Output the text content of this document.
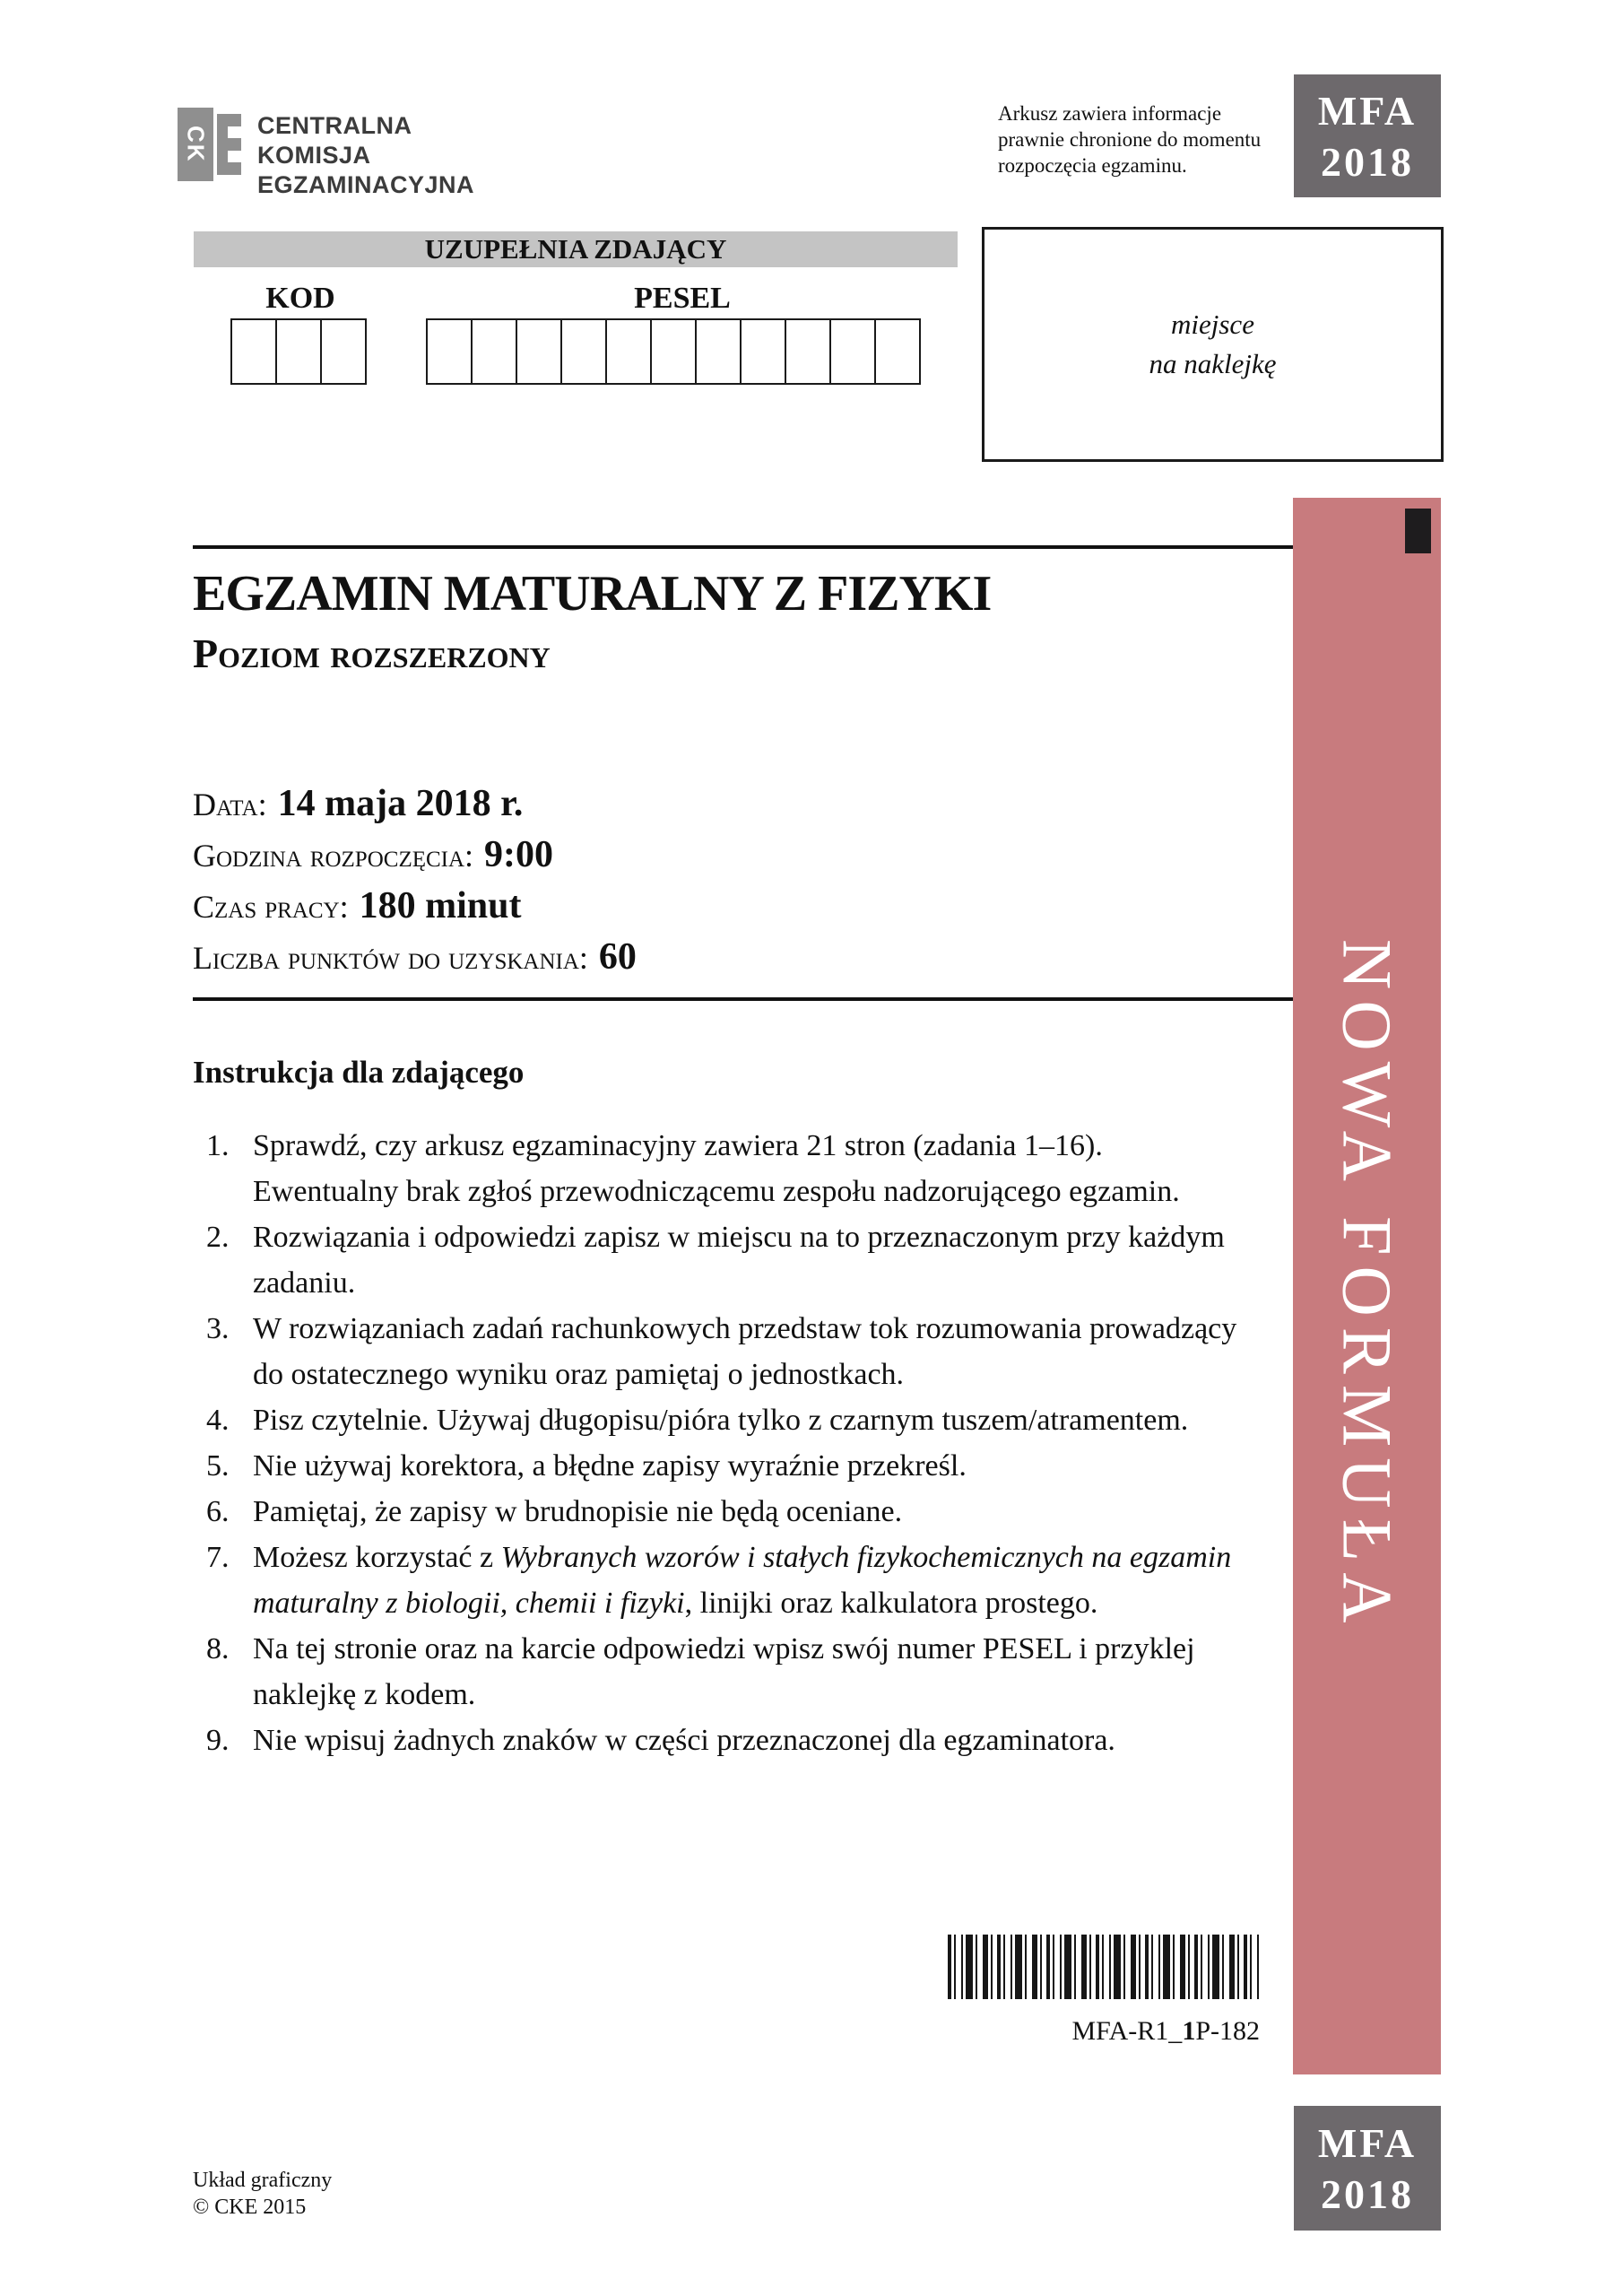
CK
CENTRALNA
KOMISJA
EGZAMINACYJNA
Arkusz zawiera informacje
prawnie chronione do momentu
rozpoczęcia egzaminu.
MFA
2018
UZUPEŁNIA ZDAJĄCY
KOD	PESEL
miejsce
na naklejkę
EGZAMIN MATURALNY Z FIZYKI
Poziom rozszerzony
Data: 14 maja 2018 r.
Godzina rozpoczęcia: 9:00
Czas pracy: 180 minut
Liczba punktów do uzyskania: 60
Instrukcja dla zdającego
1. Sprawdź, czy arkusz egzaminacyjny zawiera 21 stron (zadania 1–16). Ewentualny brak zgłoś przewodniczącemu zespołu nadzorującego egzamin.
2. Rozwiązania i odpowiedzi zapisz w miejscu na to przeznaczonym przy każdym zadaniu.
3. W rozwiązaniach zadań rachunkowych przedstaw tok rozumowania prowadzący do ostatecznego wyniku oraz pamiętaj o jednostkach.
4. Pisz czytelnie. Używaj długopisu/pióra tylko z czarnym tuszem/atramentem.
5. Nie używaj korektora, a błędne zapisy wyraźnie przekreśl.
6. Pamiętaj, że zapisy w brudnopisie nie będą oceniane.
7. Możesz korzystać z Wybranych wzorów i stałych fizykochemicznych na egzamin maturalny z biologii, chemii i fizyki, linijki oraz kalkulatora prostego.
8. Na tej stronie oraz na karcie odpowiedzi wpisz swój numer PESEL i przyklej naklejkę z kodem.
9. Nie wpisuj żadnych znaków w części przeznaczonej dla egzaminatora.
MFA-R1_1P-182
NOWA FORMUŁA
MFA
2018
Układ graficzny
© CKE 2015
